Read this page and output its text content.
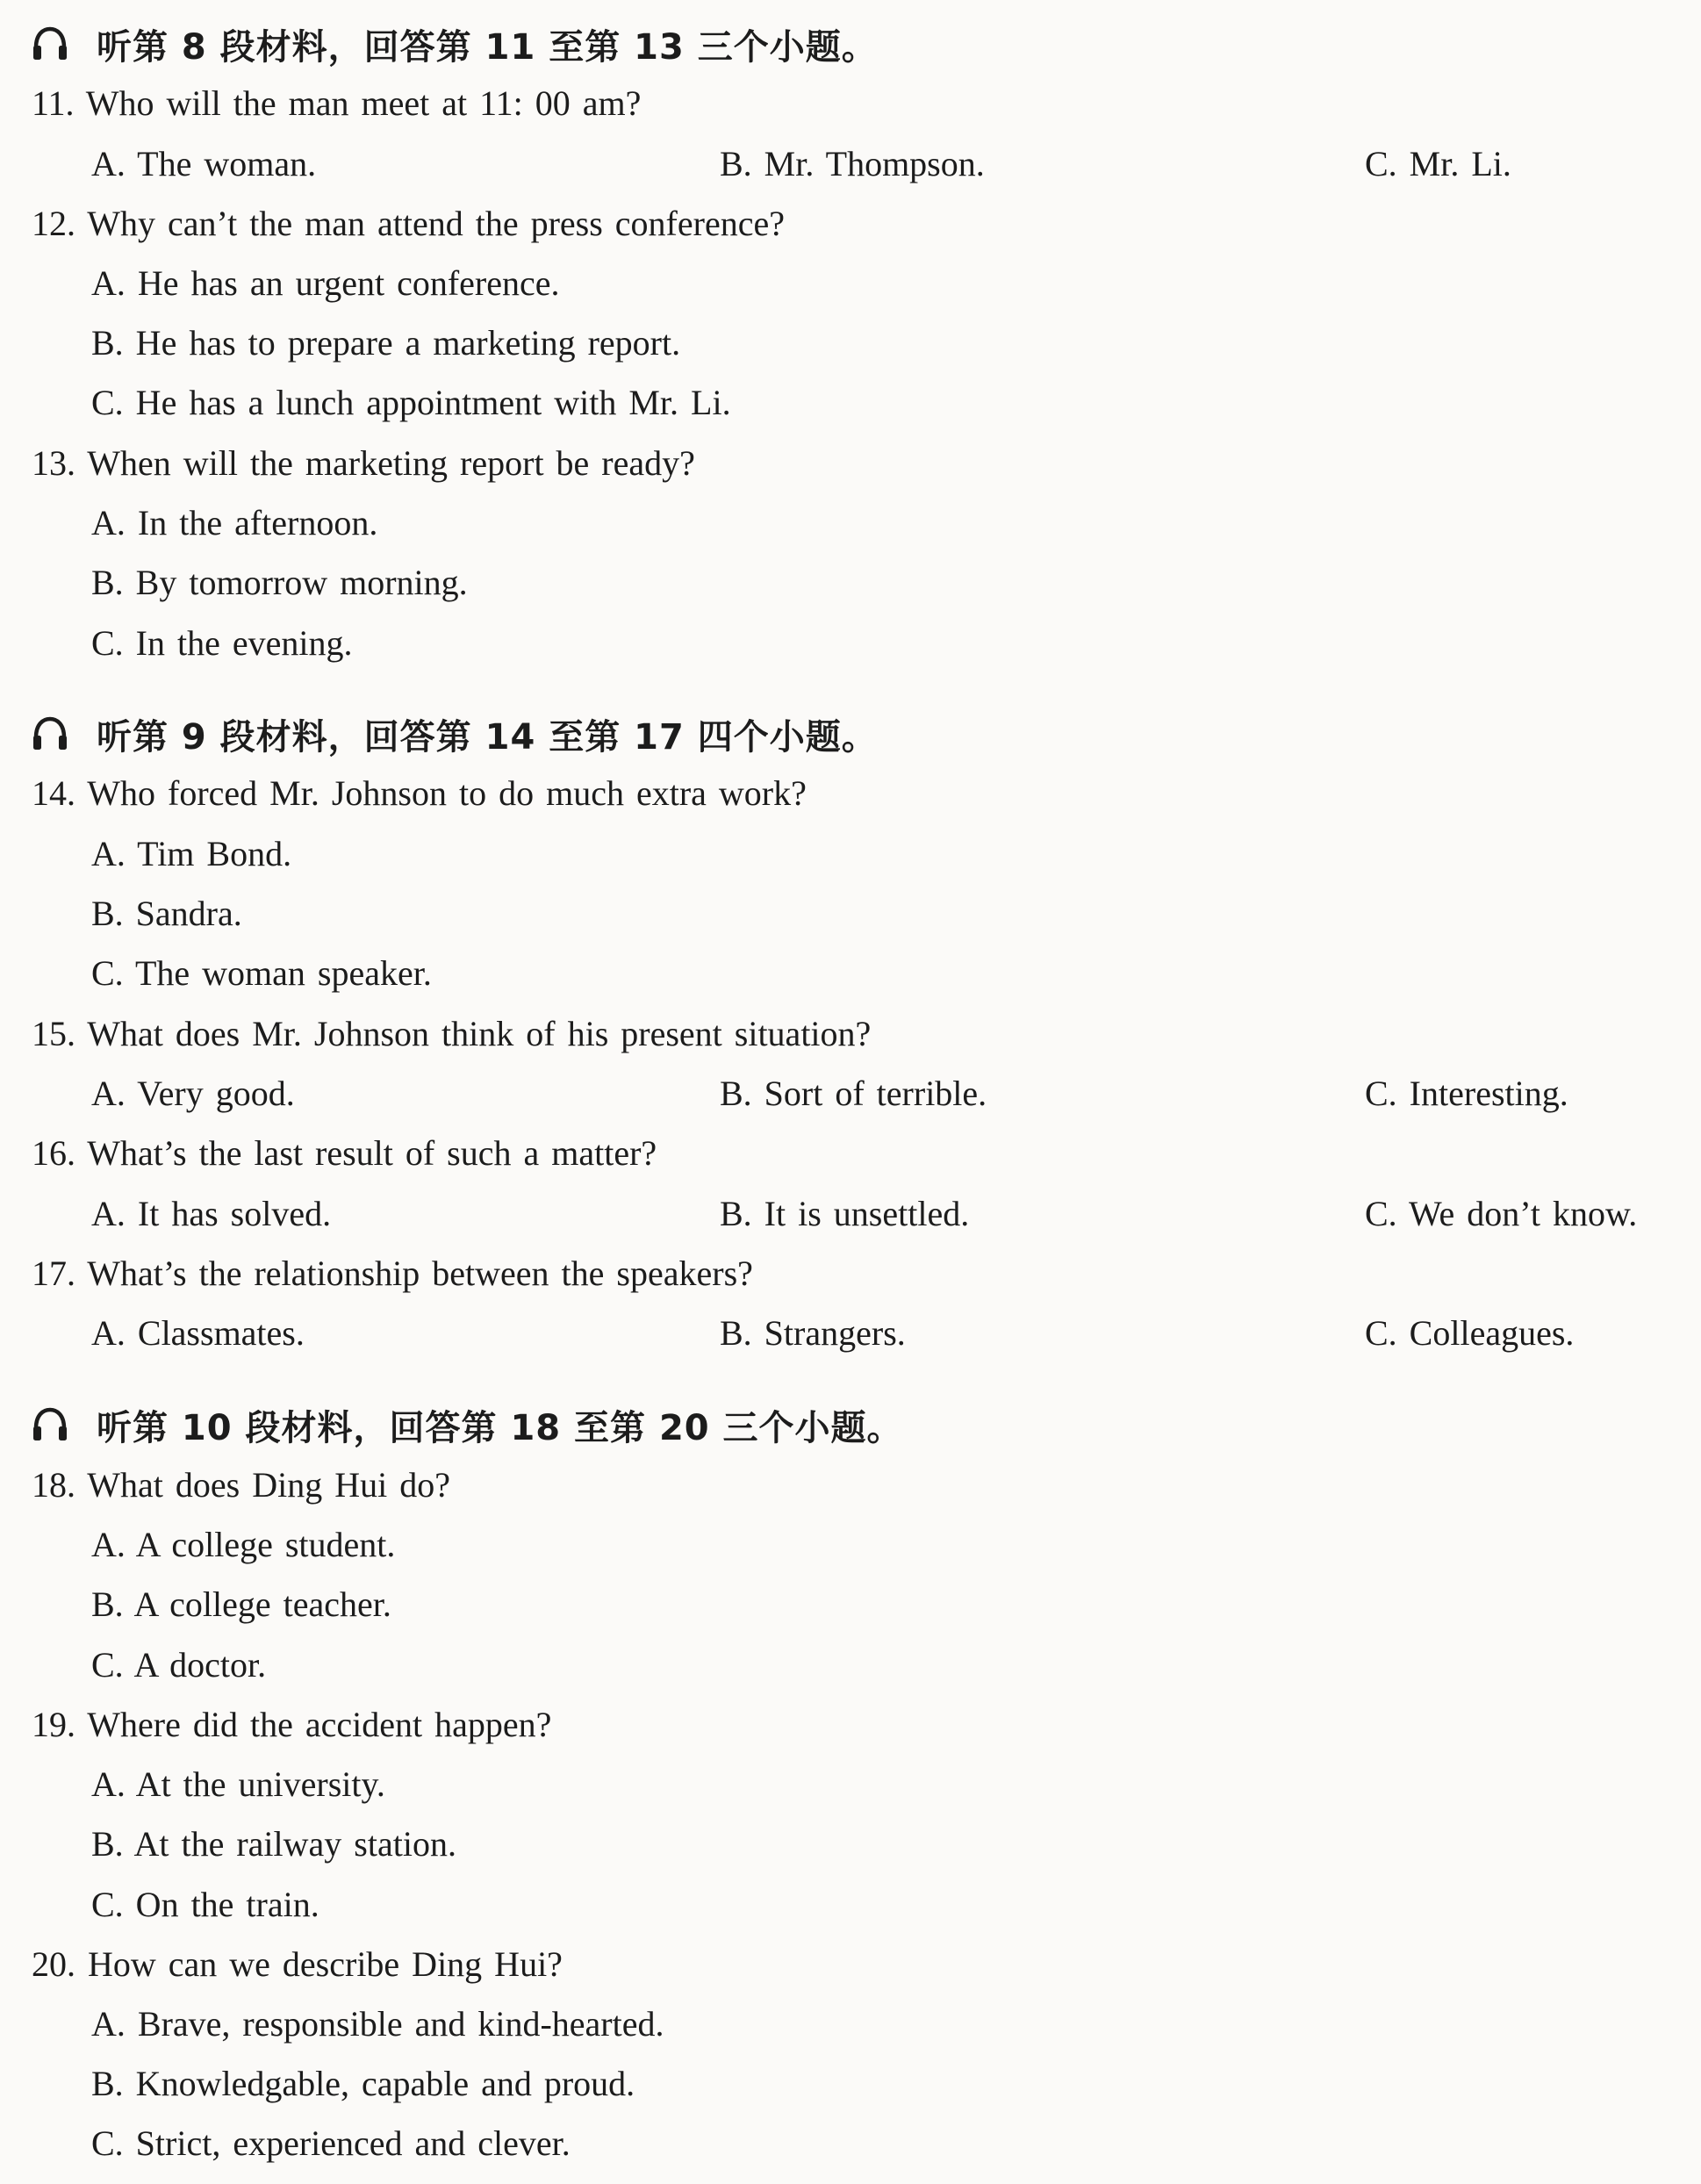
听第 8 段材料，回答第 11 至第 13 三个小题。
11. Who will the man meet at 11: 00 am?
A. The woman.	B. Mr. Thompson.	C. Mr. Li.
12. Why can’t the man attend the press conference?
A. He has an urgent conference.
B. He has to prepare a marketing report.
C. He has a lunch appointment with Mr. Li.
13. When will the marketing report be ready?
A. In the afternoon.
B. By tomorrow morning.
C. In the evening.
听第 9 段材料，回答第 14 至第 17 四个小题。
14. Who forced Mr. Johnson to do much extra work?
A. Tim Bond.
B. Sandra.
C. The woman speaker.
15. What does Mr. Johnson think of his present situation?
A. Very good.	B. Sort of terrible.	C. Interesting.
16. What’s the last result of such a matter?
A. It has solved.	B. It is unsettled.	C. We don’t know.
17. What’s the relationship between the speakers?
A. Classmates.	B. Strangers.	C. Colleagues.
听第 10 段材料，回答第 18 至第 20 三个小题。
18. What does Ding Hui do?
A. A college student.
B. A college teacher.
C. A doctor.
19. Where did the accident happen?
A. At the university.
B. At the railway station.
C. On the train.
20. How can we describe Ding Hui?
A. Brave, responsible and kind-hearted.
B. Knowledgable, capable and proud.
C. Strict, experienced and clever.
